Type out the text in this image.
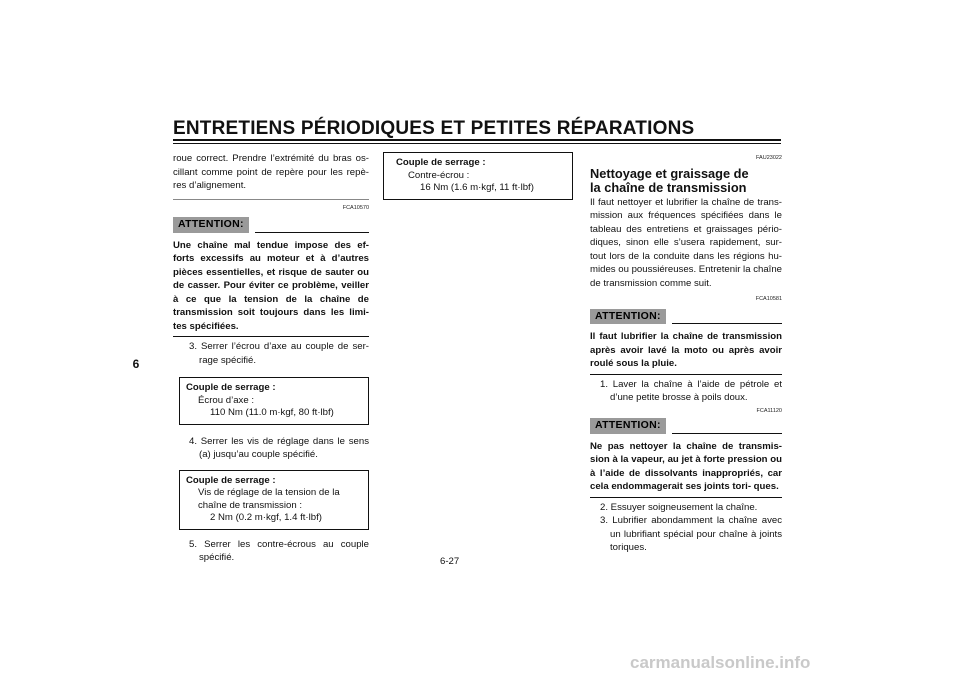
ENTRETIENS PÉRIODIQUES ET PETITES RÉPARATIONS
6

roue correct. Prendre l’extrémité du bras os- cillant comme point de repère pour les repè- res d’alignement.

FCA10570
ATTENTION:

Une chaîne mal tendue impose des ef- forts excessifs au moteur et à d’autres pièces essentielles, et risque de sauter ou de casser. Pour éviter ce problème, veiller à ce que la tension de la chaîne de transmission soit toujours dans les limi- tes spécifiées.

3. Serrer l’écrou d’axe au couple de ser- rage spécifié.

Couple de serrage :
Écrou d’axe :
110 Nm (11.0 m·kgf, 80 ft·lbf)

4. Serrer les vis de réglage dans le sens (a) jusqu’au couple spécifié.

Couple de serrage :
Vis de réglage de la tension de la chaîne de transmission :
2 Nm (0.2 m·kgf, 1.4 ft·lbf)

5. Serrer les contre-écrous au couple spécifié.

Couple de serrage :
Contre-écrou :
16 Nm (1.6 m·kgf, 11 ft·lbf)
FAU23022
Nettoyage et graissage de la chaîne de transmission

Il faut nettoyer et lubrifier la chaîne de trans- mission aux fréquences spécifiées dans le tableau des entretiens et graissages pério- diques, sinon elle s’usera rapidement, sur- tout lors de la conduite dans les régions hu- mides ou poussiéreuses. Entretenir la chaîne de transmission comme suit.

FCA10581
ATTENTION:

Il faut lubrifier la chaîne de transmission après avoir lavé la moto ou après avoir roulé sous la pluie.

1. Laver la chaîne à l’aide de pétrole et d’une petite brosse à poils doux.

FCA11120
ATTENTION:

Ne pas nettoyer la chaîne de transmis- sion à la vapeur, au jet à forte pression ou à l’aide de dissolvants inappropriés, car cela endommagerait ses joints tori- ques.

2. Essuyer soigneusement la chaîne.

3. Lubrifier abondamment la chaîne avec un lubrifiant spécial pour chaîne à joints toriques.

6-27
carmanualsonline.info
